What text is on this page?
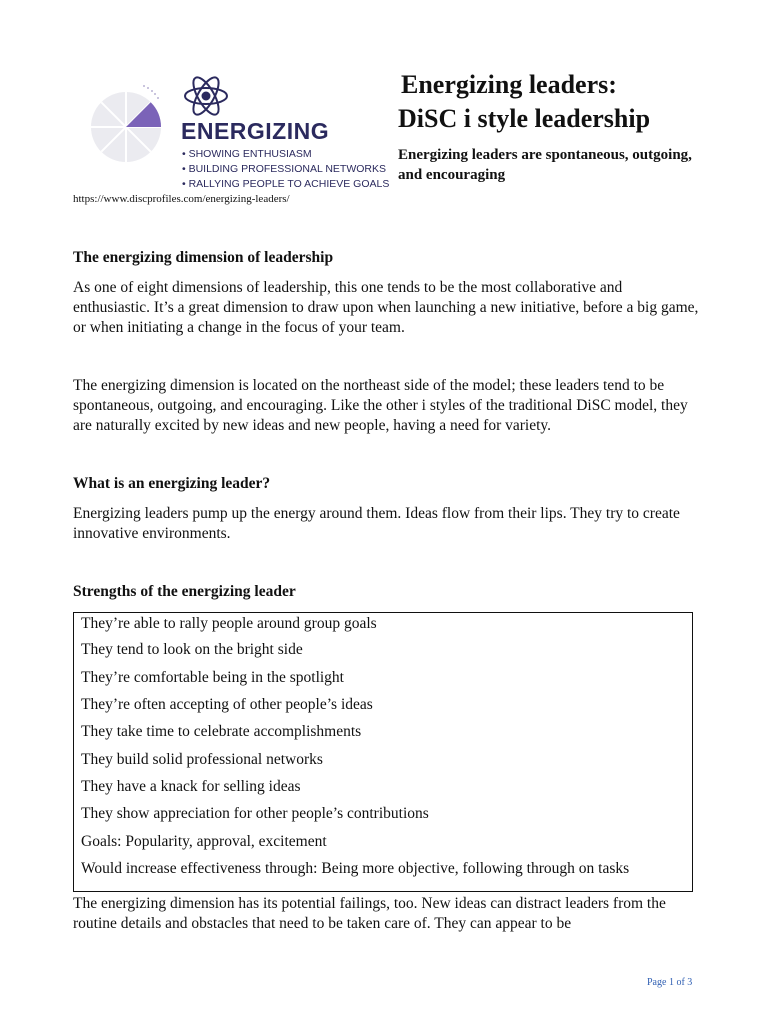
ENERGIZING
• SHOWING ENTHUSIASM
• BUILDING PROFESSIONAL NETWORKS
• RALLYING PEOPLE TO ACHIEVE GOALS
https://www.discprofiles.com/energizing-leaders/
Energizing leaders:
DiSC i style leadership

Energizing leaders are spontaneous, outgoing, and encouraging

The energizing dimension of leadership

As one of eight dimensions of leadership, this one tends to be the most collaborative and enthusiastic. It’s a great dimension to draw upon when launching a new initiative, before a big game, or when initiating a change in the focus of your team.

The energizing dimension is located on the northeast side of the model; these leaders tend to be spontaneous, outgoing, and encouraging. Like the other i styles of the traditional DiSC model, they are naturally excited by new ideas and new people, having a need for variety.

What is an energizing leader?

Energizing leaders pump up the energy around them. Ideas flow from their lips. They try to create innovative environments.

Strengths of the energizing leader
They’re able to rally people around group goals
They tend to look on the bright side
They’re comfortable being in the spotlight
They’re often accepting of other people’s ideas
They take time to celebrate accomplishments
They build solid professional networks
They have a knack for selling ideas
They show appreciation for other people’s contributions
Goals: Popularity, approval, excitement
Would increase effectiveness through: Being more objective, following through on tasks

The energizing dimension has its potential failings, too. New ideas can distract leaders from the routine details and obstacles that need to be taken care of. They can appear to be

Page 1 of 3
